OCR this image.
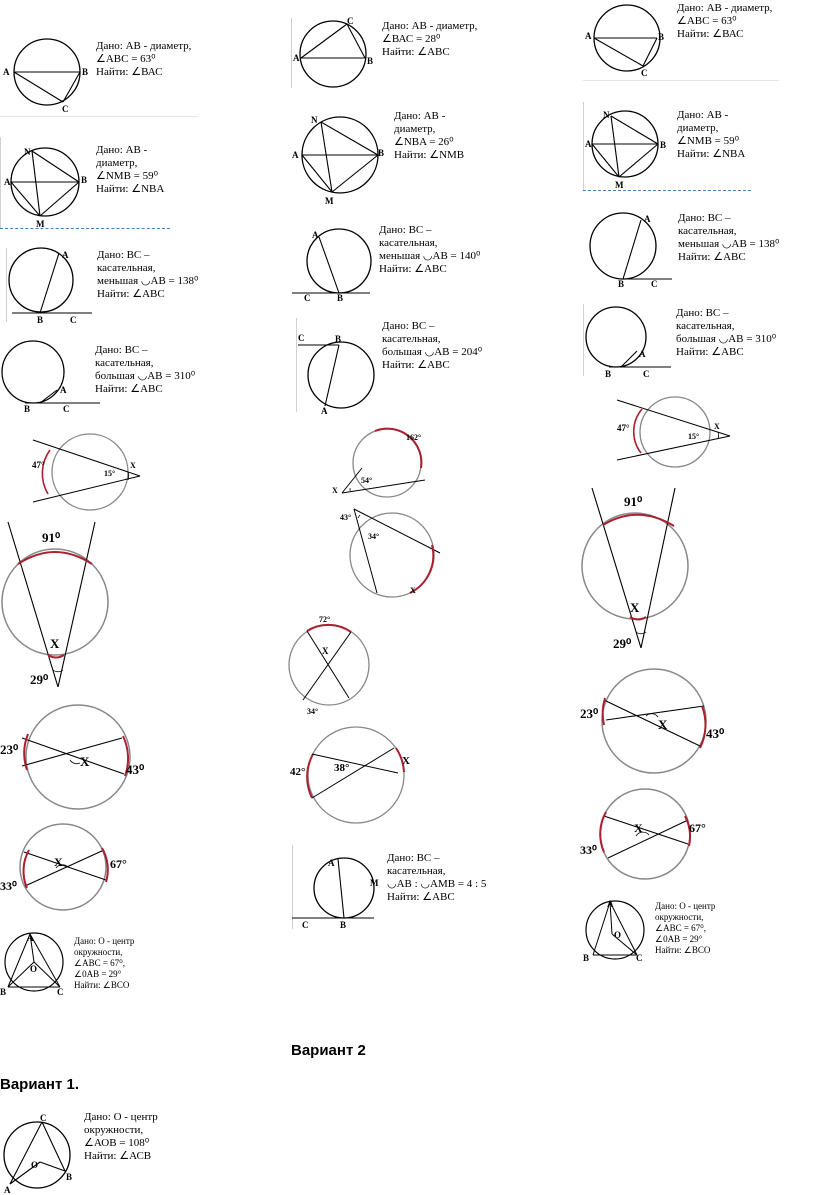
A	B
C
Дано: АВ - диаметр,
∠АВС = 63⁰
Найти: ∠ВАС
N
A	B
M
Дано: АВ -
диаметр,
∠NMB = 59⁰
Найти: ∠NBA
A
B	C
Дано: ВС –
касательная,
меньшая ◡АВ = 138⁰
Найти: ∠АВС
A
B	C
Дано: ВС –
касательная,
большая ◡АВ = 310⁰
Найти: ∠АВС
47°
15°
X
91⁰
X
29⁰
23⁰
X
43⁰
33⁰
X	67°
A
O
B	C
Дано: О - центр
окружности,
∠АВС = 67⁰,
∠0АВ = 29°
Найти: ∠ВСО
A	B
C	Дано: АВ - диаметр,
∠ВАС = 28⁰
Найти: ∠АВС
N
A	B
M
Дано: АВ -
диаметр,
∠NBA = 26⁰
Найти: ∠NMB
A
B
C
Дано: ВС –
касательная,
меньшая ◡АВ = 140⁰
Найти: ∠АВС
C	B
A
Дано: ВС –
касательная,
большая ◡АВ = 204⁰
Найти: ∠АВС
162°
54°
X
43°
34°
X
72°
X
34°
42°	38°
X
A
M
B
C
Дано: ВС –
касательная,
◡АВ : ◡АМВ = 4 : 5
Найти: ∠АВС
A	B
C
Дано: АВ - диаметр,
∠АВС = 63⁰
Найти: ∠ВАС
N
A	B
M
Дано: АВ -
диаметр,
∠NMB = 59⁰
Найти: ∠NBA
A
B	C
Дано: ВС –
касательная,
меньшая ◡АВ = 138⁰
Найти: ∠АВС
A
B	C
Дано: ВС –
касательная,
большая ◡АВ = 310⁰
Найти: ∠АВС
47°
15°
X
91⁰
X
29⁰
23⁰
X
43⁰
33⁰
X	67°
A
O
B	C
Дано: О - центр
окружности,
∠АВС = 67⁰,
∠0АВ = 29°
Найти: ∠ВСО
Вариант 2
Вариант 1.
C
O
A
B
Дано: О - центр
окружности,
∠АОВ = 108⁰
Найти: ∠АСВ
